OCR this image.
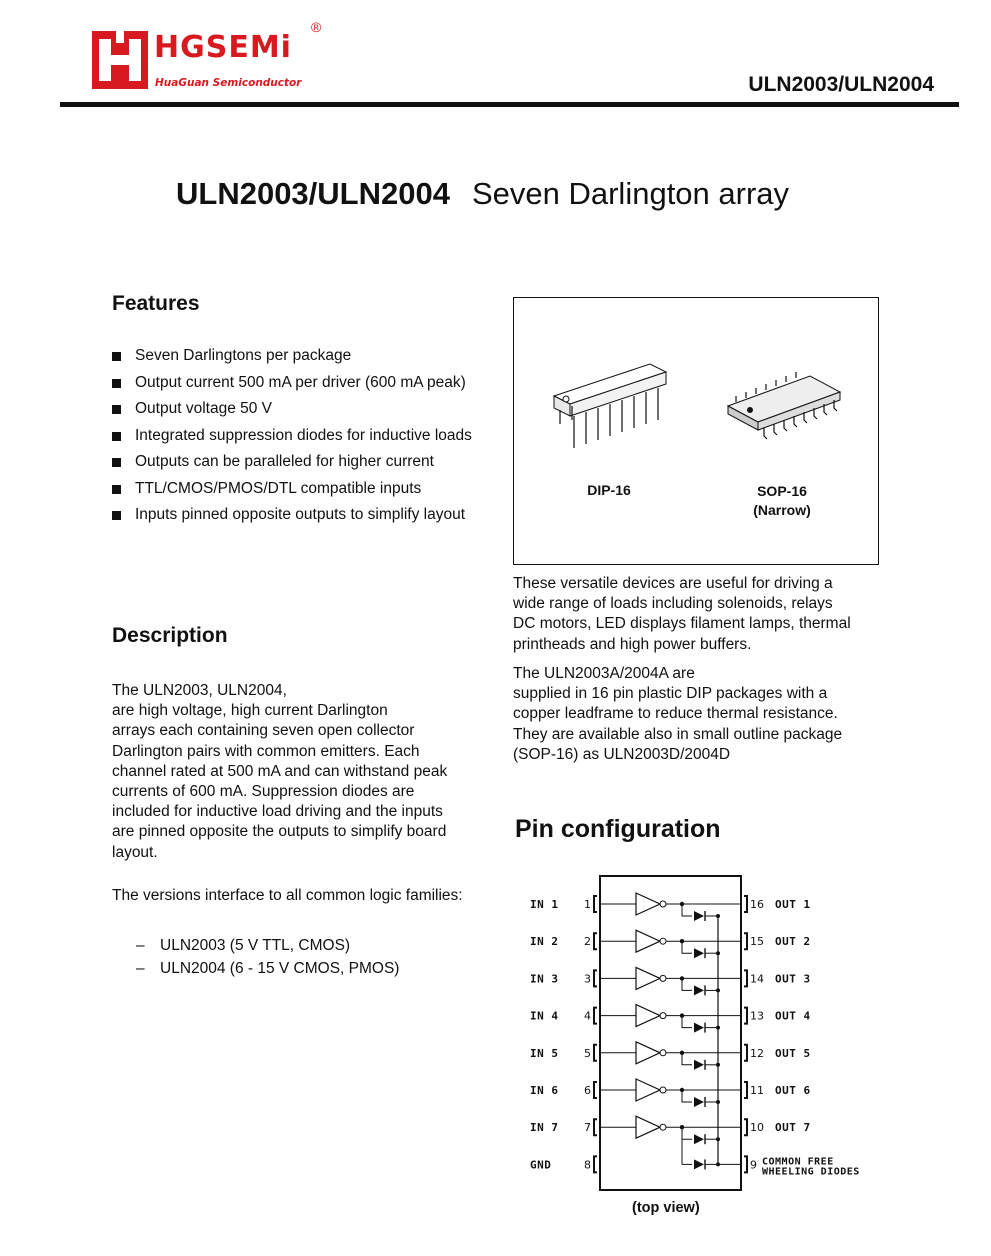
HGSEMi
®
HuaGuan Semiconductor	ULN2003/ULN2004
ULN2003/ULN2004 Seven Darlington array
Features
Seven Darlingtons per package
Output current 500 mA per driver (600 mA peak)
Output voltage 50 V
Integrated suppression diodes for inductive loads
Outputs can be paralleled for higher current
TTL/CMOS/PMOS/DTL compatible inputs
Inputs pinned opposite outputs to simplify layout
Description
The ULN2003, ULN2004,
are high voltage, high current Darlington
arrays each containing seven open collector
Darlington pairs with common emitters. Each
channel rated at 500 mA and can withstand peak
currents of 600 mA. Suppression diodes are
included for inductive load driving and the inputs
are pinned opposite the outputs to simplify board
layout.
The versions interface to all common logic families:
– ULN2003 (5 V TTL, CMOS)
– ULN2004 (6 - 15 V CMOS, PMOS)
DIP-16	SOP-16
(Narrow)
These versatile devices are useful for driving a
wide range of loads including solenoids, relays
DC motors, LED displays filament lamps, thermal
printheads and high power buffers.
The ULN2003A/2004A are
supplied in 16 pin plastic DIP packages with a
copper leadframe to reduce thermal resistance.
They are available also in small outline package
(SOP-16) as ULN2003D/2004D
Pin configuration
IN 1 1
IN 2 2
IN 3 3
IN 4 4
IN 5 5
IN 6 6
IN 7 7
GND	8
16 OUT 1
15 OUT 2
14 OUT 3
13 OUT 4
12 OUT 5
11 OUT 6
10 OUT 7
9 COMMON FREE
WHEELING DIODES
(top view)
